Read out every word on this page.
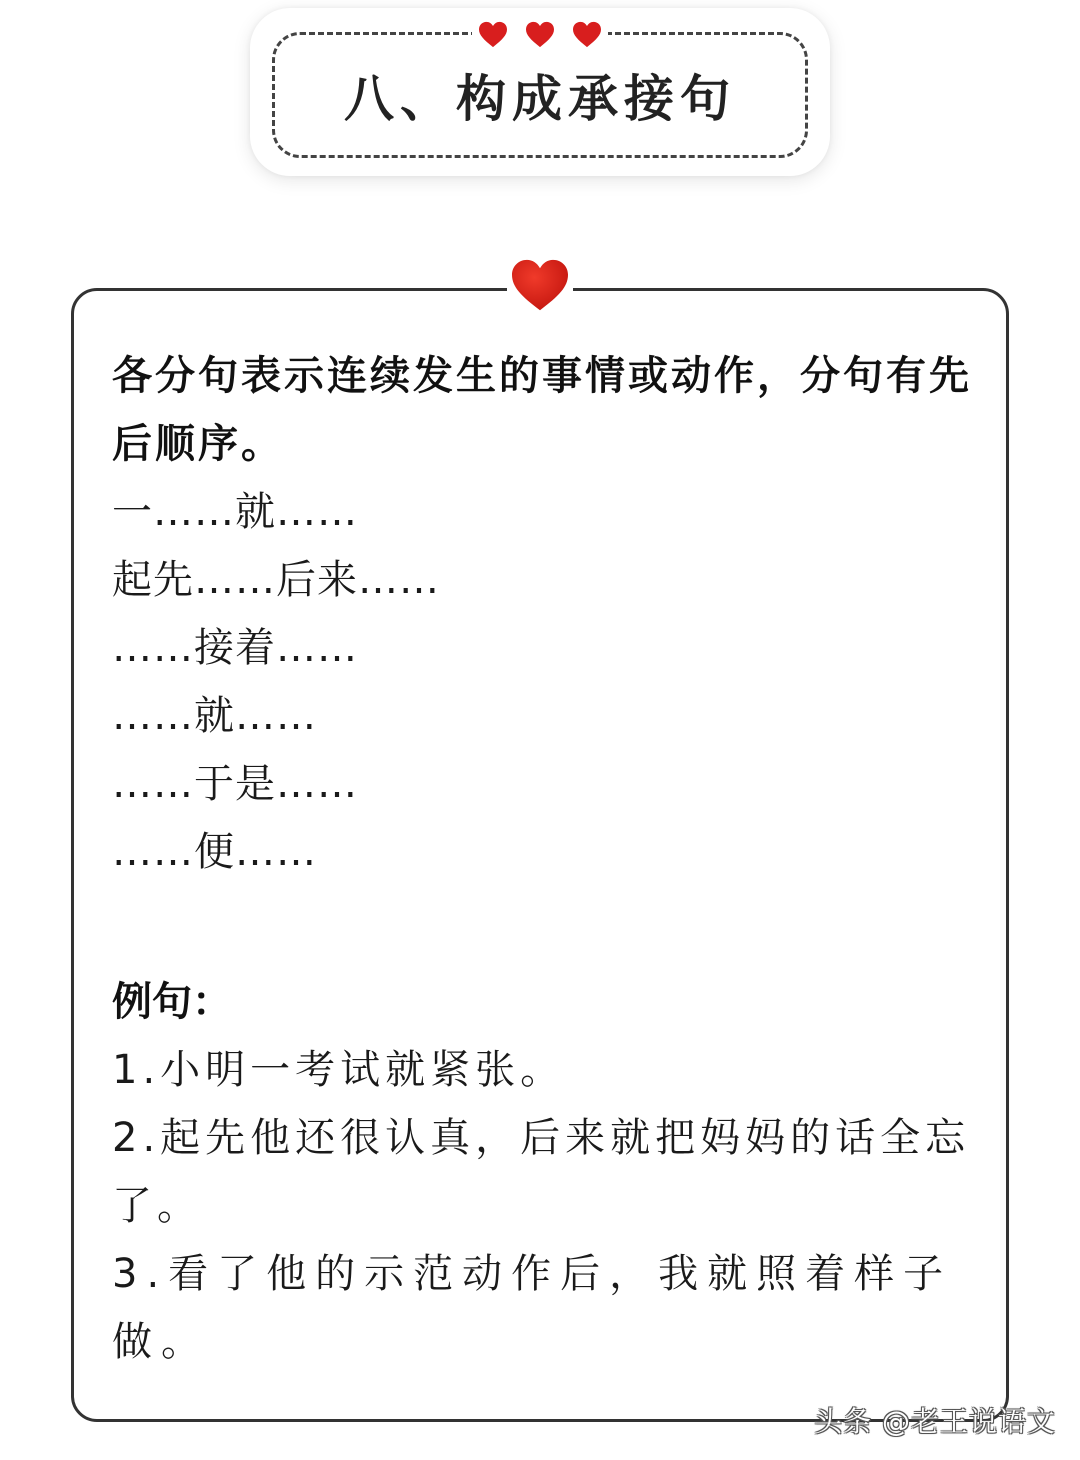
八、构成承接句

各分句表示连续发生的事情或动作，分句有先后顺序。

一……就……
起先……后来……
……接着……
……就……
……于是……
……便……

例句：

1.小明一考试就紧张。

2.起先他还很认真，后来就把妈妈的话全忘了。

3.看了他的示范动作后，我就照着样子做。

头条 @老王说语文
